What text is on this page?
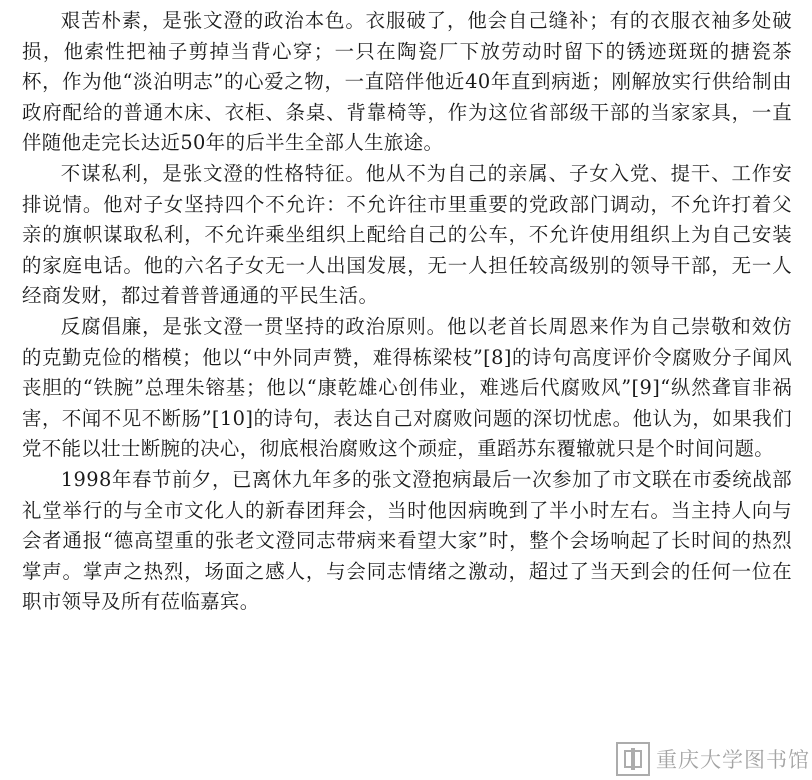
艰苦朴素，是张文澄的政治本色。衣服破了，他会自己缝补；有的衣服衣袖多处破损，他索性把袖子剪掉当背心穿；一只在陶瓷厂下放劳动时留下的锈迹斑斑的搪瓷茶杯，作为他“淡泊明志”的心爱之物，一直陪伴他近40年直到病逝；刚解放实行供给制由政府配给的普通木床、衣柜、条桌、背靠椅等，作为这位省部级干部的当家家具，一直伴随他走完长达近50年的后半生全部人生旅途。

不谋私利，是张文澄的性格特征。他从不为自己的亲属、子女入党、提干、工作安排说情。他对子女坚持四个不允许：不允许往市里重要的党政部门调动，不允许打着父亲的旗帜谋取私利，不允许乘坐组织上配给自己的公车，不允许使用组织上为自己安装的家庭电话。他的六名子女无一人出国发展，无一人担任较高级别的领导干部，无一人经商发财，都过着普普通通的平民生活。

反腐倡廉，是张文澄一贯坚持的政治原则。他以老首长周恩来作为自己崇敬和效仿的克勤克俭的楷模；他以“中外同声赞，难得栋梁枝”[8]的诗句高度评价令腐败分子闻风丧胆的“铁腕”总理朱镕基；他以“康乾雄心创伟业，难逃后代腐败风”[9]“纵然聋盲非祸害，不闻不见不断肠”[10]的诗句，表达自己对腐败问题的深切忧虑。他认为，如果我们党不能以壮士断腕的决心，彻底根治腐败这个顽症，重蹈苏东覆辙就只是个时间问题。

1998年春节前夕，已离休九年多的张文澄抱病最后一次参加了市文联在市委统战部礼堂举行的与全市文化人的新春团拜会，当时他因病晚到了半小时左右。当主持人向与会者通报“德高望重的张老文澄同志带病来看望大家”时，整个会场响起了长时间的热烈掌声。掌声之热烈，场面之感人，与会同志情绪之激动，超过了当天到会的任何一位在职市领导及所有莅临嘉宾。

重庆大学图书馆
